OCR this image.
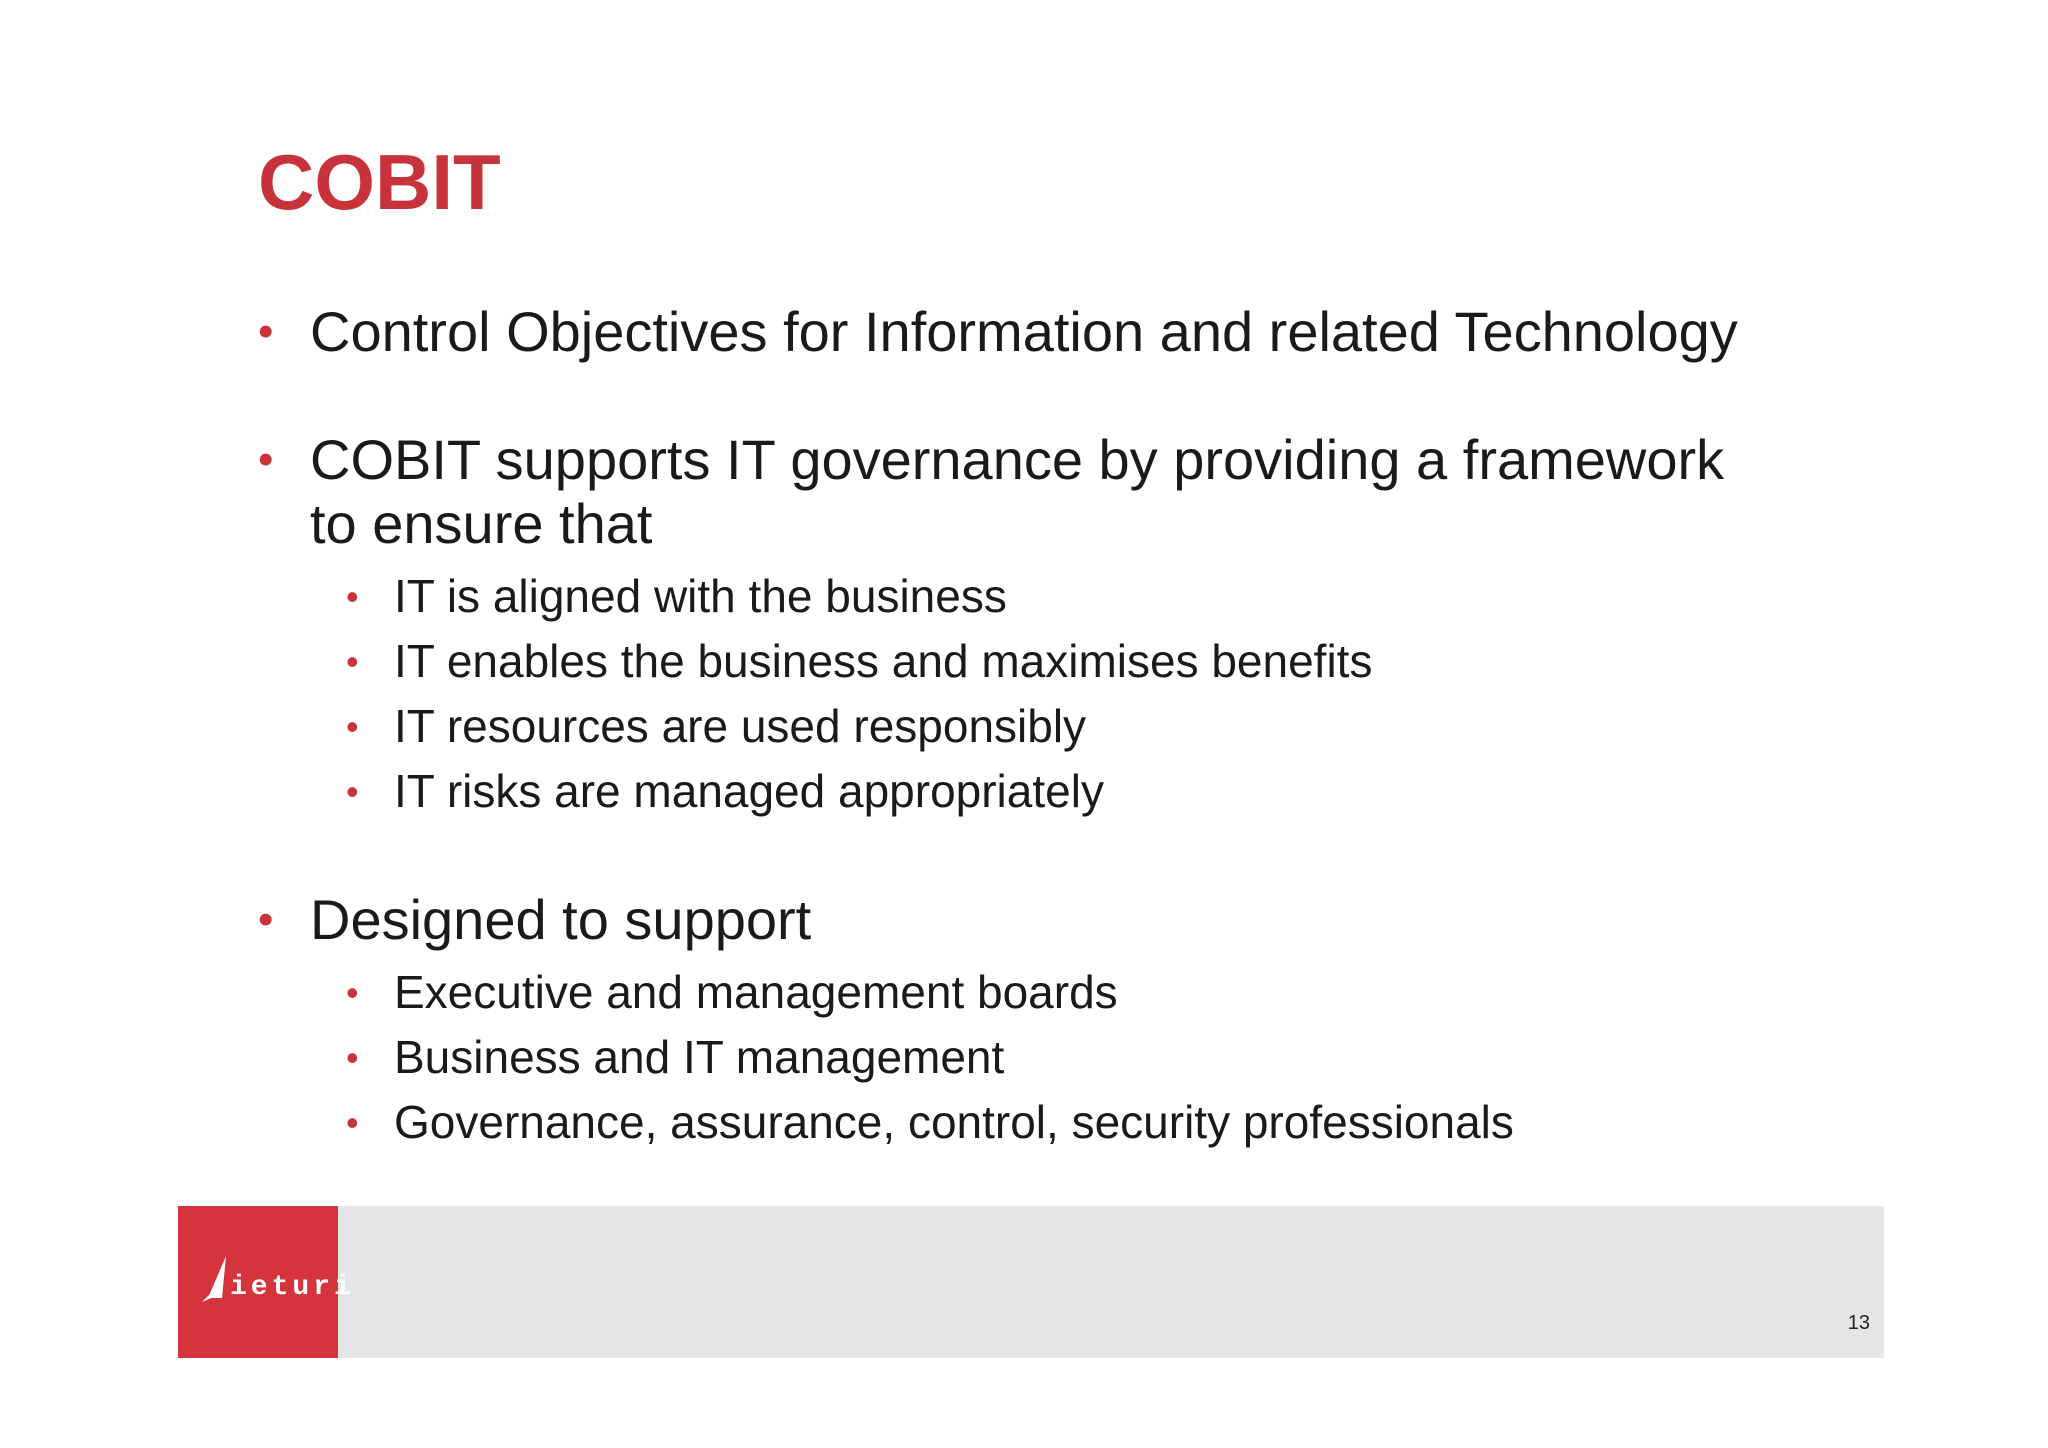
COBIT
• Control Objectives for Information and related Technology
• COBIT supports IT governance by providing a framework
to ensure that
• IT is aligned with the business
• IT enables the business and maximises benefits
• IT resources are used responsibly
• IT risks are managed appropriately
• Designed to support
• Executive and management boards
• Business and IT management
• Governance, assurance, control, security professionals
ieturi
13
